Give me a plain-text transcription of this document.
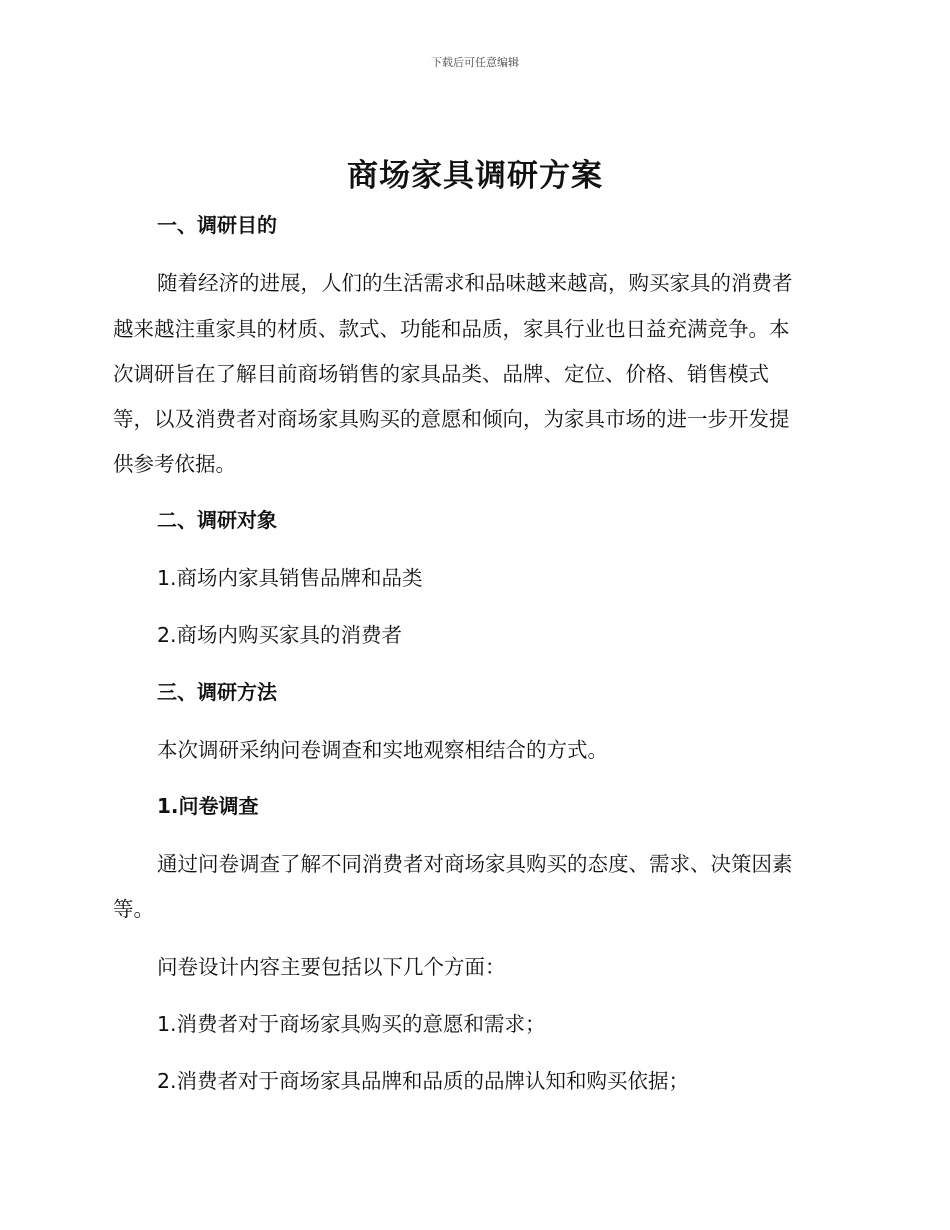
下载后可任意编辑
商场家具调研方案
一、调研目的
随着经济的进展，人们的生活需求和品味越来越高，购买家具的消费者
越来越注重家具的材质、款式、功能和品质，家具行业也日益充满竞争。本
次调研旨在了解目前商场销售的家具品类、品牌、定位、价格、销售模式
等，以及消费者对商场家具购买的意愿和倾向，为家具市场的进一步开发提
供参考依据。
二、调研对象
1.商场内家具销售品牌和品类
2.商场内购买家具的消费者
三、调研方法
本次调研采纳问卷调查和实地观察相结合的方式。
1.问卷调查
通过问卷调查了解不同消费者对商场家具购买的态度、需求、决策因素
等。
问卷设计内容主要包括以下几个方面：
1.消费者对于商场家具购买的意愿和需求；
2.消费者对于商场家具品牌和品质的品牌认知和购买依据；
